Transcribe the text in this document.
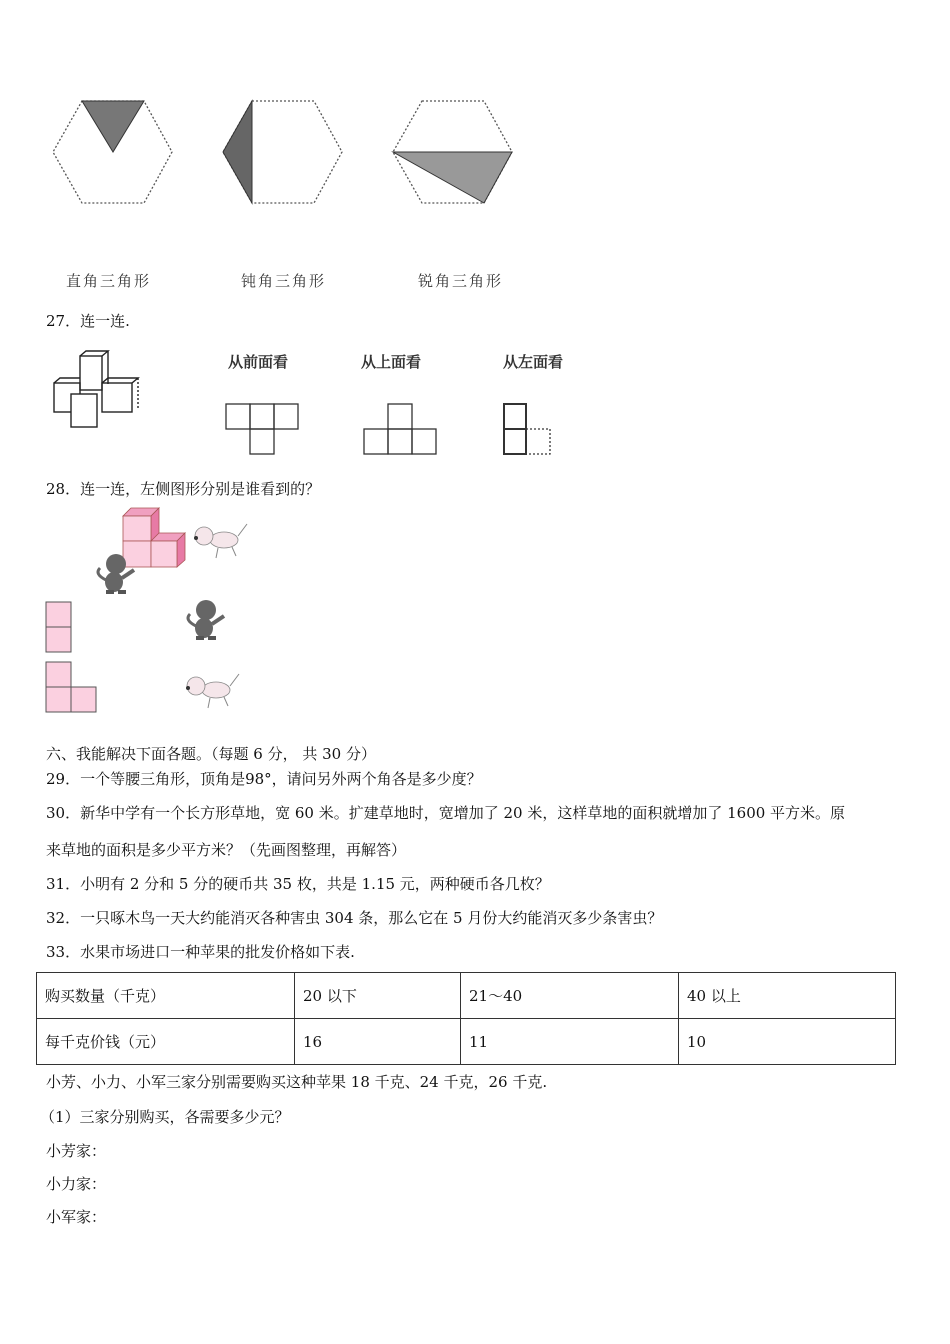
直角三角形	钝角三角形	锐角三角形
27．连一连.
从前面看	从上面看	从左面看
28．连一连，左侧图形分别是谁看到的？
六、我能解决下面各题。（每题 6 分， 共 30 分）
29．一个等腰三角形，顶角是98°，请问另外两个角各是多少度？
30．新华中学有一个长方形草地，宽 60 米。扩建草地时，宽增加了 20 米，这样草地的面积就增加了 1600 平方米。原
来草地的面积是多少平方米？（先画图整理，再解答）
31．小明有 2 分和 5 分的硬币共 35 枚，共是 1.15 元，两种硬币各几枚？
32．一只啄木鸟一天大约能消灭各种害虫 304 条，那么它在 5 月份大约能消灭多少条害虫？
33．水果市场进口一种苹果的批发价格如下表.
购买数量（千克）	20 以下	21～40	40 以上
每千克价钱（元）	16	11	10
小芳、小力、小军三家分别需要购买这种苹果 18 千克、24 千克，26 千克.
（1）三家分别购买，各需要多少元？
小芳家：
小力家：
小军家：
